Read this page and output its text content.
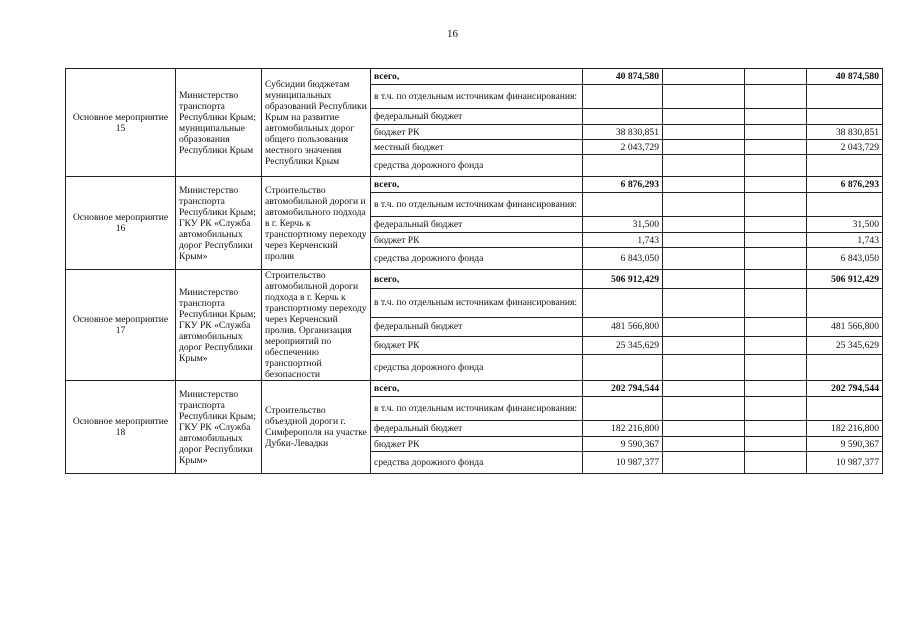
16
Основное мероприятие 15	Министерство транспорта Республики Крым; муниципальные образования Республики Крым	Субсидии бюджетам муниципальных образований Республики Крым на развитие автомобильных дорог общего пользования местного значения Республики Крым	всего,	40 874,580			40 874,580
			в т.ч. по отдельным источникам финансирования:				
			федеральный бюджет				
			бюджет РК	38 830,851			38 830,851
			местный бюджет	2 043,729			2 043,729
			средства дорожного фонда				
Основное мероприятие 16	Министерство транспорта Республики Крым; ГКУ РК «Служба автомобильных дорог Республики Крым»	Строительство автомобильной дороги и автомобильного подхода в г. Керчь к транспортному переходу через Керченский пролив	всего,	6 876,293			6 876,293
			в т.ч. по отдельным источникам финансирования:				
			федеральный бюджет	31,500			31,500
			бюджет РК	1,743			1,743
			средства дорожного фонда	6 843,050			6 843,050
Основное мероприятие 17	Министерство транспорта Республики Крым; ГКУ РК «Служба автомобильных дорог Республики Крым»	Строительство автомобильной дороги подхода в г. Керчь к транспортному переходу через Керченский пролив. Организация мероприятий по обеспечению транспортной безопасности	всего,	506 912,429			506 912,429
			в т.ч. по отдельным источникам финансирования:				
			федеральный бюджет	481 566,800			481 566,800
			бюджет РК	25 345,629			25 345,629
			средства дорожного фонда				
Основное мероприятие 18	Министерство транспорта Республики Крым; ГКУ РК «Служба автомобильных дорог Республики Крым»	Строительство объездной дороги г. Симферополя на участке Дубки-Левадки	всего,	202 794,544			202 794,544
			в т.ч. по отдельным источникам финансирования:				
			федеральный бюджет	182 216,800			182 216,800
			бюджет РК	9 590,367			9 590,367
			средства дорожного фонда	10 987,377			10 987,377
